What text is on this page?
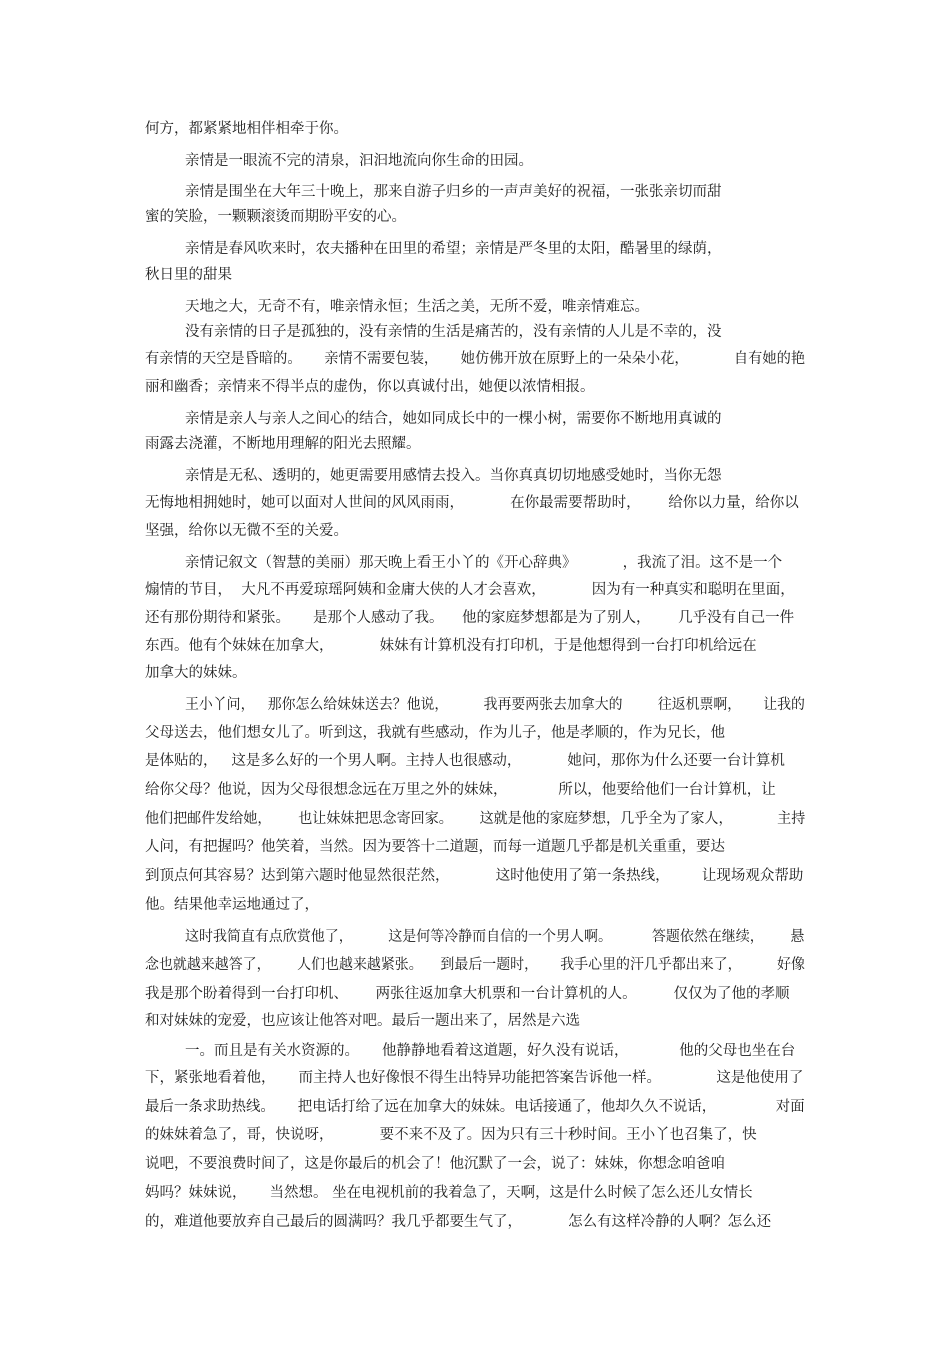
何方，都紧紧地相伴相牵于你。

亲情是一眼流不完的清泉，汩汩地流向你生命的田园。

亲情是围坐在大年三十晚上，那来自游子归乡的一声声美好的祝福，一张张亲切而甜

蜜的笑脸，一颗颗滚烫而期盼平安的心。

亲情是春风吹来时，农夫播种在田里的希望；亲情是严冬里的太阳，酷暑里的绿荫，

秋日里的甜果

天地之大，无奇不有，唯亲情永恒；生活之美，无所不爱，唯亲情难忘。

没有亲情的日子是孤独的，没有亲情的生活是痛苦的，没有亲情的人儿是不幸的，没

有亲情的天空是昏暗的。     亲情不需要包装，     她仿佛开放在原野上的一朵朵小花，          自有她的艳

丽和幽香；亲情来不得半点的虚伪，你以真诚付出，她便以浓情相报。

亲情是亲人与亲人之间心的结合，她如同成长中的一棵小树，需要你不断地用真诚的

雨露去浇灌，不断地用理解的阳光去照耀。

亲情是无私、透明的，她更需要用感情去投入。当你真真切切地感受她时，当你无怨

无悔地相拥她时，她可以面对人世间的风风雨雨，          在你最需要帮助时，      给你以力量，给你以

坚强，给你以无微不至的关爱。

亲情记叙文（智慧的美丽）那天晚上看王小丫的《开心辞典》          ，我流了泪。这不是一个

煽情的节目，  大凡不再爱琼瑶阿姨和金庸大侠的人才会喜欢，          因为有一种真实和聪明在里面，

还有那份期待和紧张。     是那个人感动了我。    他的家庭梦想都是为了别人，      几乎没有自己一件

东西。他有个妹妹在加拿大，          妹妹有计算机没有打印机，于是他想得到一台打印机给远在

加拿大的妹妹。

王小丫问，   那你怎么给妹妹送去？他说，        我再要两张去加拿大的        往返机票啊，     让我的

父母送去，他们想女儿了。听到这，我就有些感动，作为儿子，他是孝顺的，作为兄长，他

是体贴的，   这是多么好的一个男人啊。主持人也很感动，          她问，那你为什么还要一台计算机

给你父母？他说，因为父母很想念远在万里之外的妹妹，           所以，他要给他们一台计算机，让

他们把邮件发给她，      也让妹妹把思念寄回家。      这就是他的家庭梦想，几乎全为了家人，          主持

人问，有把握吗？他笑着，当然。因为要答十二道题，而每一道题几乎都是机关重重，要达

到顶点何其容易？达到第六题时他显然很茫然，          这时他使用了第一条热线，       让现场观众帮助

他。结果他幸运地通过了，

这时我简直有点欣赏他了，        这是何等冷静而自信的一个男人啊。         答题依然在继续，      悬

念也就越来越答了，      人们也越来越紧张。    到最后一题时，     我手心里的汗几乎都出来了，        好像

我是那个盼着得到一台打印机、      两张往返加拿大机票和一台计算机的人。        仅仅为了他的孝顺

和对妹妹的宠爱，也应该让他答对吧。最后一题出来了，居然是六选

一。而且是有关水资源的。     他静静地看着这道题，好久没有说话，           他的父母也坐在台

下，紧张地看着他，     而主持人也好像恨不得生出特异功能把答案告诉他一样。            这是他使用了

最后一条求助热线。     把电话打给了远在加拿大的妹妹。电话接通了，他却久久不说话，             对面

的妹妹着急了，哥，快说呀，          要不来不及了。因为只有三十秒时间。王小丫也召集了，快

说吧，不要浪费时间了，这是你最后的机会了！他沉默了一会，说了：妹妹，你想念咱爸咱

妈吗？妹妹说，     当然想。 坐在电视机前的我着急了，天啊，这是什么时候了怎么还儿女情长

的，难道他要放弃自己最后的圆满吗？我几乎都要生气了，          怎么有这样冷静的人啊？怎么还
